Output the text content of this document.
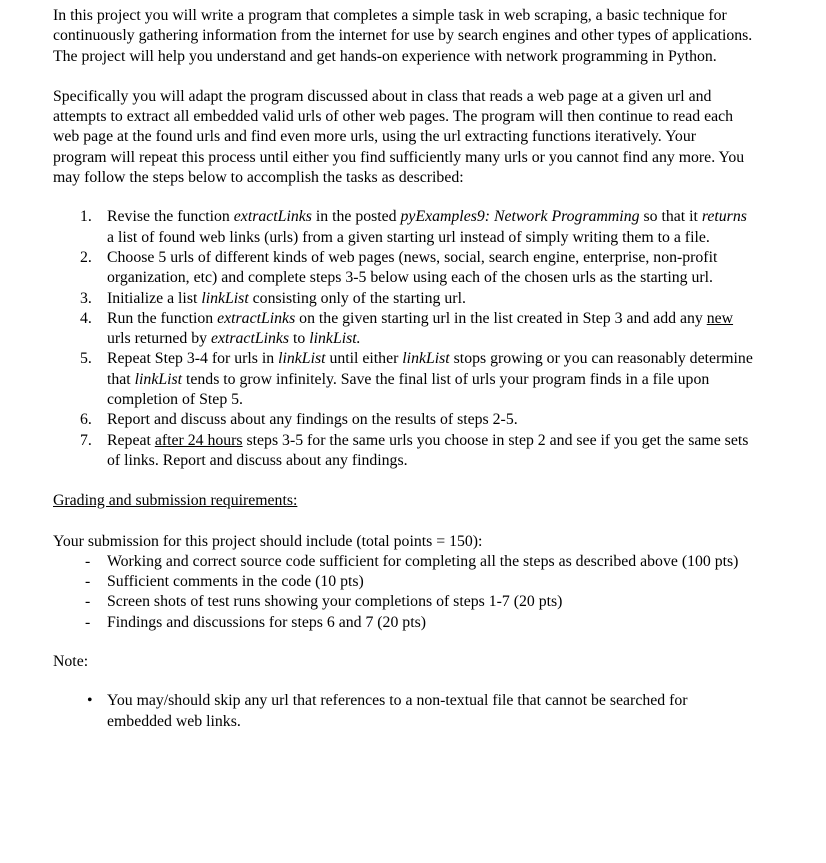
In this project you will write a program that completes a simple task in web scraping, a basic technique for continuously gathering information from the internet for use by search engines and other types of applications. The project will help you understand and get hands-on experience with network programming in Python.

Specifically you will adapt the program discussed about in class that reads a web page at a given url and attempts to extract all embedded valid urls of other web pages. The program will then continue to read each web page at the found urls and find even more urls, using the url extracting functions iteratively. Your program will repeat this process until either you find sufficiently many urls or you cannot find any more. You may follow the steps below to accomplish the tasks as described:

1. Revise the function extractLinks in the posted pyExamples9: Network Programming so that it returns a list of found web links (urls) from a given starting url instead of simply writing them to a file.
2. Choose 5 urls of different kinds of web pages (news, social, search engine, enterprise, non-profit organization, etc) and complete steps 3-5 below using each of the chosen urls as the starting url.
3. Initialize a list linkList consisting only of the starting url.
4. Run the function extractLinks on the given starting url in the list created in Step 3 and add any new urls returned by extractLinks to linkList.
5. Repeat Step 3-4 for urls in linkList until either linkList stops growing or you can reasonably determine that linkList tends to grow infinitely. Save the final list of urls your program finds in a file upon completion of Step 5.
6. Report and discuss about any findings on the results of steps 2-5.
7. Repeat after 24 hours steps 3-5 for the same urls you choose in step 2 and see if you get the same sets of links. Report and discuss about any findings.

Grading and submission requirements:

Your submission for this project should include (total points = 150):

- Working and correct source code sufficient for completing all the steps as described above (100 pts)
- Sufficient comments in the code (10 pts)
- Screen shots of test runs showing your completions of steps 1-7 (20 pts)
- Findings and discussions for steps 6 and 7 (20 pts)

Note:

• You may/should skip any url that references to a non-textual file that cannot be searched for embedded web links.
